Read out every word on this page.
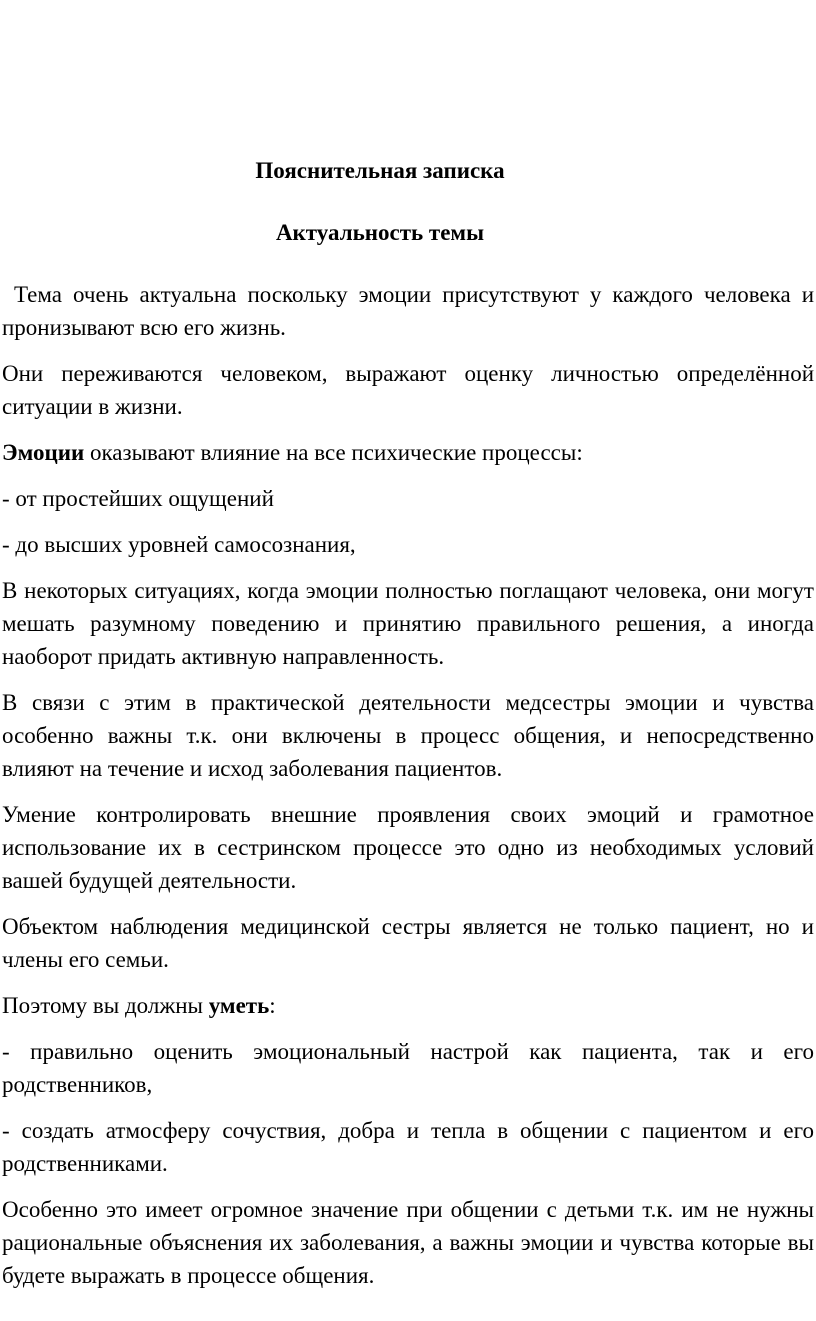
Пояснительная записка
Актуальность темы

Тема очень актуальна поскольку эмоции присутствуют у каждого человека и пронизывают всю его жизнь.

Они переживаются человеком, выражают оценку личностью определённой ситуации в жизни.

Эмоции оказывают влияние на все психические процессы:

- от простейших ощущений

- до высших уровней самосознания,

В некоторых ситуациях, когда эмоции полностью поглащают человека, они могут мешать разумному поведению и принятию правильного решения, а иногда наоборот придать активную направленность.

В связи с этим в практической деятельности медсестры эмоции и чувства особенно важны т.к. они включены в процесс общения, и непосредственно влияют на течение и исход заболевания пациентов.

Умение контролировать внешние проявления своих эмоций и грамотное использование их в сестринском процессе это одно из необходимых условий вашей будущей деятельности.

Объектом наблюдения медицинской сестры является не только пациент, но и члены его семьи.

Поэтому вы должны уметь:

- правильно оценить эмоциональный настрой как пациента, так и его родственников,

- создать атмосферу сочуствия, добра и тепла в общении с пациентом и его родственниками.

Особенно это имеет огромное значение при общении с детьми т.к. им не нужны рациональные объяснения их заболевания, а важны эмоции и чувства которые вы будете выражать в процессе общения.
